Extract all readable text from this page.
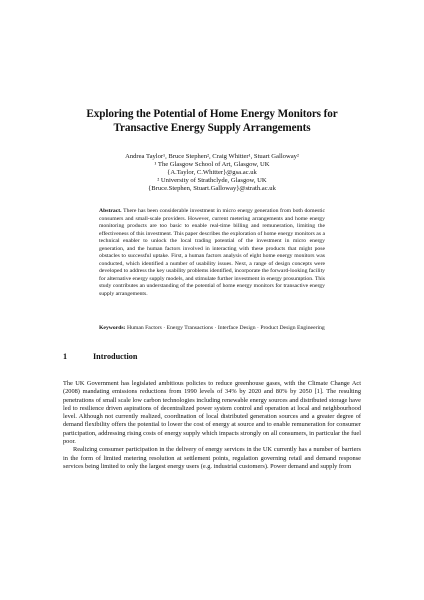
Exploring the Potential of Home Energy Monitors for
Transactive Energy Supply Arrangements
Andrea Taylor¹, Bruce Stephen², Craig Whitter¹, Stuart Galloway²
¹ The Glasgow School of Art, Glasgow, UK
{A.Taylor, C.Whitter}@gsa.ac.uk
² University of Strathclyde, Glasgow, UK
{Bruce.Stephen, Stuart.Galloway}@strath.ac.uk
Abstract. There has been considerable investment in micro energy generation from both domestic consumers and small-scale providers. However, current metering arrangements and home energy monitoring products are too basic to enable real-time billing and remuneration, limiting the effectiveness of this investment. This paper describes the exploration of home energy monitors as a technical enabler to unlock the local trading potential of the investment in micro energy generation, and the human factors involved in interacting with these products that might pose obstacles to successful uptake. First, a human factors analysis of eight home energy monitors was conducted, which identified a number of usability issues. Next, a range of design concepts were developed to address the key usability problems identified, incorporate the forward-looking facility for alternative energy supply models, and stimulate further investment in energy prosumption. This study contributes an understanding of the potential of home energy monitors for transactive energy supply arrangements.
Keywords: Human Factors · Energy Transactions · Interface Design · Product Design Engineering
1	Introduction

The UK Government has legislated ambitious policies to reduce greenhouse gases, with the Climate Change Act (2008) mandating emissions reductions from 1990 levels of 34% by 2020 and 80% by 2050 [1]. The resulting penetrations of small scale low carbon technologies including renewable energy sources and distributed storage have led to resilience driven aspirations of decentralized power system control and operation at local and neighbourhood level. Although not currently realized, coordination of local distributed generation sources and a greater degree of demand flexibility offers the potential to lower the cost of energy at source and to enable remuneration for consumer participation, addressing rising costs of energy supply which impacts strongly on all consumers, in particular the fuel poor.

Realizing consumer participation in the delivery of energy services in the UK currently has a number of barriers in the form of limited metering resolution at settlement points, regulation governing retail and demand response services being limited to only the largest energy users (e.g. industrial customers). Power demand and supply from
